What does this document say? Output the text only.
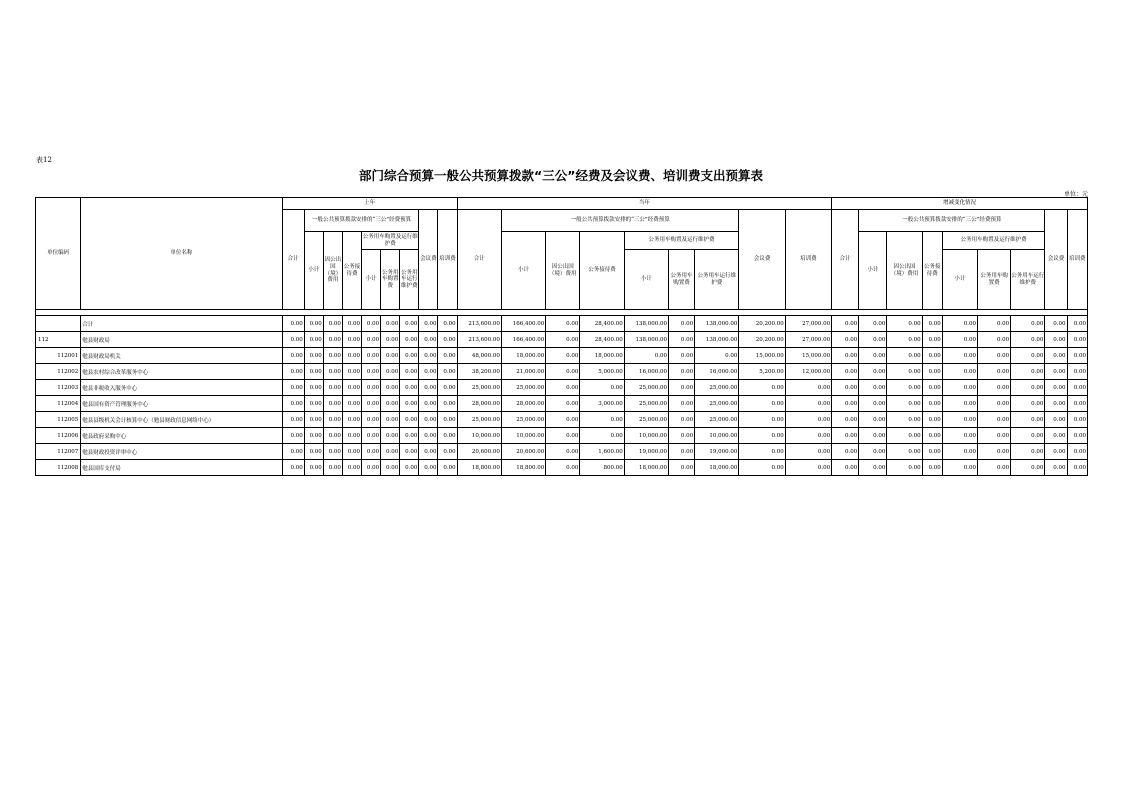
表12
部门综合预算一般公共预算拨款“三公”经费及会议费、培训费支出预算表
单位：元
单位编码	单位名称	上年									当年									增减变化情况								
		合计	一般公共预算拨款安排的“三公”经费预算						会议费	培训费	合计	一般公共预算拨款安排的“三公”经费预算						会议费	培训费	合计	一般公共预算拨款安排的“三公”经费预算						会议费	培训费
			小计	因公出国（境）费用	公务接待费	公务用车购置及运行维护费						小计	因公出国（境）费用	公务接待费	公务用车购置及运行维护费						小计	因公出国（境）费用	公务接待费	公务用车购置及运行维护费				
						小计	公务用车购置费	公务用车运行维护费							小计	公务用车购置费	公务用车运行维护费							小计	公务用车购置费	公务用车运行维护费		

	合计	0.00	0.00	0.00	0.00	0.00	0.00	0.00	0.00	0.00	213,600.00	166,400.00	0.00	28,400.00	138,000.00	0.00	138,000.00	20,200.00	27,000.00	0.00	0.00	0.00	0.00	0.00	0.00	0.00	0.00	0.00
112	勉县财政局	0.00	0.00	0.00	0.00	0.00	0.00	0.00	0.00	0.00	213,600.00	166,400.00	0.00	28,400.00	138,000.00	0.00	138,000.00	20,200.00	27,000.00	0.00	0.00	0.00	0.00	0.00	0.00	0.00	0.00	0.00
112001	勉县财政局机关	0.00	0.00	0.00	0.00	0.00	0.00	0.00	0.00	0.00	48,000.00	18,000.00	0.00	18,000.00	0.00	0.00	0.00	15,000.00	15,000.00	0.00	0.00	0.00	0.00	0.00	0.00	0.00	0.00	0.00
112002	勉县农村综合改革服务中心	0.00	0.00	0.00	0.00	0.00	0.00	0.00	0.00	0.00	38,200.00	21,000.00	0.00	5,000.00	16,000.00	0.00	16,000.00	5,200.00	12,000.00	0.00	0.00	0.00	0.00	0.00	0.00	0.00	0.00	0.00
112003	勉县非税收入服务中心	0.00	0.00	0.00	0.00	0.00	0.00	0.00	0.00	0.00	25,000.00	25,000.00	0.00	0.00	25,000.00	0.00	25,000.00	0.00	0.00	0.00	0.00	0.00	0.00	0.00	0.00	0.00	0.00	0.00
112004	勉县国有资产管理服务中心	0.00	0.00	0.00	0.00	0.00	0.00	0.00	0.00	0.00	28,000.00	28,000.00	0.00	3,000.00	25,000.00	0.00	25,000.00	0.00	0.00	0.00	0.00	0.00	0.00	0.00	0.00	0.00	0.00	0.00
112005	勉县县级机关会计核算中心（勉县财政信息网络中心）	0.00	0.00	0.00	0.00	0.00	0.00	0.00	0.00	0.00	25,000.00	25,000.00	0.00	0.00	25,000.00	0.00	25,000.00	0.00	0.00	0.00	0.00	0.00	0.00	0.00	0.00	0.00	0.00	0.00
112006	勉县政府采购中心	0.00	0.00	0.00	0.00	0.00	0.00	0.00	0.00	0.00	10,000.00	10,000.00	0.00	0.00	10,000.00	0.00	10,000.00	0.00	0.00	0.00	0.00	0.00	0.00	0.00	0.00	0.00	0.00	0.00
112007	勉县财政投资评审中心	0.00	0.00	0.00	0.00	0.00	0.00	0.00	0.00	0.00	20,600.00	20,600.00	0.00	1,600.00	19,000.00	0.00	19,000.00	0.00	0.00	0.00	0.00	0.00	0.00	0.00	0.00	0.00	0.00	0.00
112008	勉县国库支付局	0.00	0.00	0.00	0.00	0.00	0.00	0.00	0.00	0.00	18,800.00	18,800.00	0.00	800.00	18,000.00	0.00	18,000.00	0.00	0.00	0.00	0.00	0.00	0.00	0.00	0.00	0.00	0.00	0.00
